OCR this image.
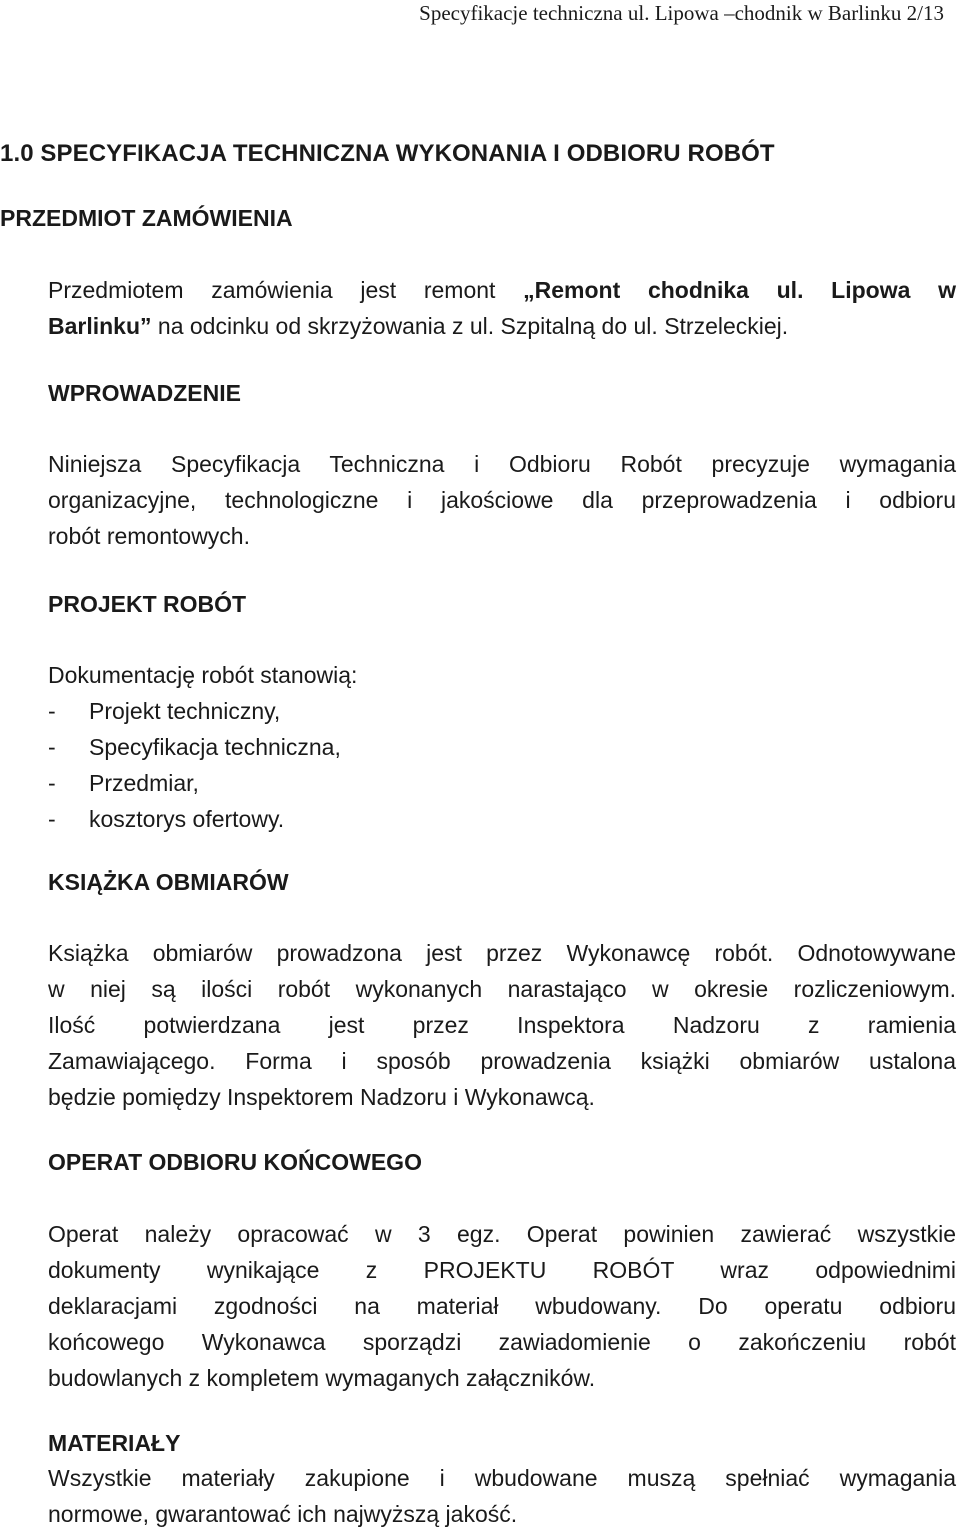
Specyfikacje techniczna ul. Lipowa –chodnik w Barlinku 2/13
1.0 SPECYFIKACJA TECHNICZNA WYKONANIA I ODBIORU ROBÓT
PRZEDMIOT ZAMÓWIENIA
Przedmiotem zamówienia jest remont „Remont chodnika ul. Lipowa w
Barlinku” na odcinku od skrzyżowania z ul. Szpitalną do ul. Strzeleckiej.
WPROWADZENIE
Niniejsza Specyfikacja Techniczna i Odbioru Robót precyzuje wymagania
organizacyjne, technologiczne i jakościowe dla przeprowadzenia i odbioru
robót remontowych.
PROJEKT ROBÓT
Dokumentację robót stanowią:
- Projekt techniczny,
- Specyfikacja techniczna,
- Przedmiar,
- kosztorys ofertowy.
KSIĄŻKA OBMIARÓW
Książka obmiarów prowadzona jest przez Wykonawcę robót. Odnotowywane
w niej są ilości robót wykonanych narastająco w okresie rozliczeniowym.
Ilość potwierdzana jest przez Inspektora Nadzoru z ramienia
Zamawiającego. Forma i sposób prowadzenia książki obmiarów ustalona
będzie pomiędzy Inspektorem Nadzoru i Wykonawcą.
OPERAT ODBIORU KOŃCOWEGO
Operat należy opracować w 3 egz. Operat powinien zawierać wszystkie
dokumenty wynikające z PROJEKTU ROBÓT wraz odpowiednimi
deklaracjami zgodności na materiał wbudowany. Do operatu odbioru
końcowego Wykonawca sporządzi zawiadomienie o zakończeniu robót
budowlanych z kompletem wymaganych załączników.
MATERIAŁY
Wszystkie materiały zakupione i wbudowane muszą spełniać wymagania
normowe, gwarantować ich najwyższą jakość.
